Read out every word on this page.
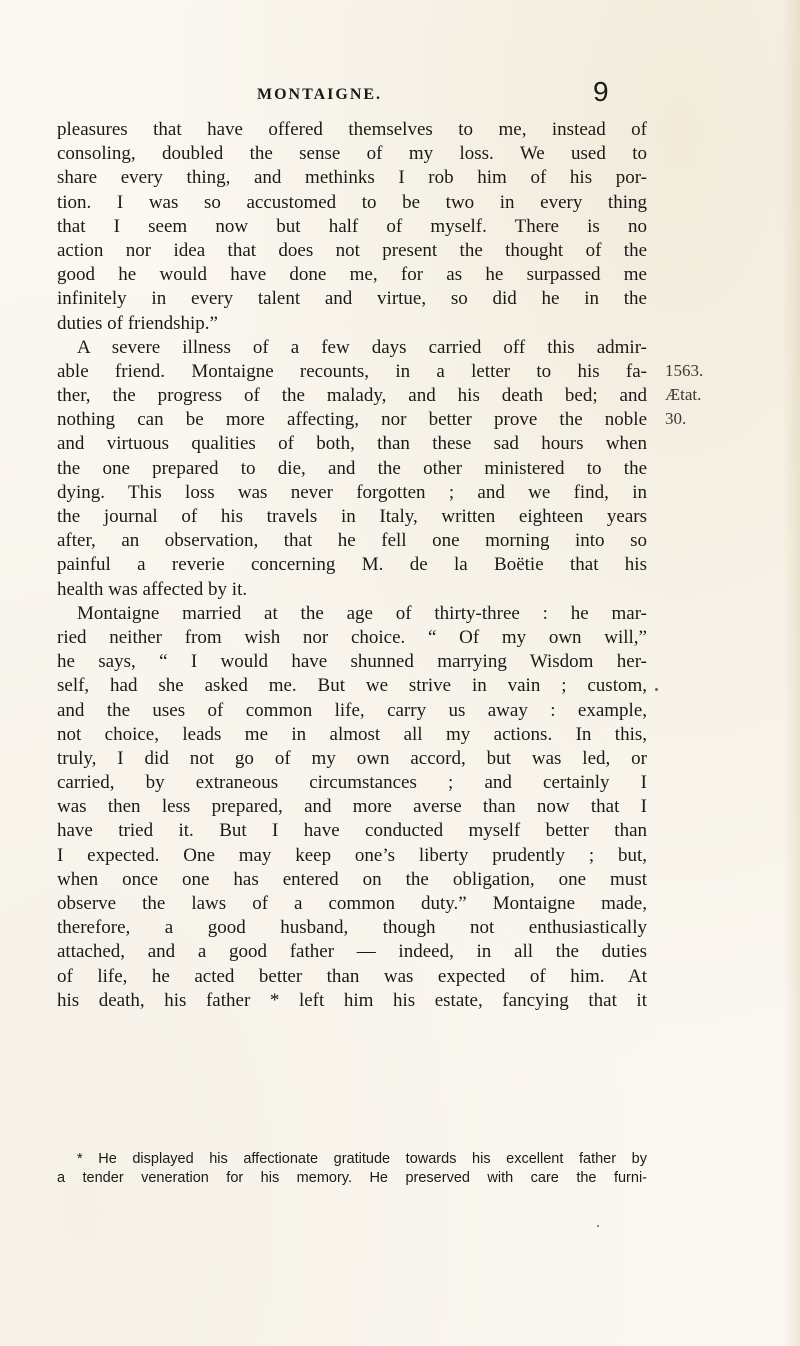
MONTAIGNE.	9
pleasures that have offered themselves to me, instead of
consoling, doubled the sense of my loss. We used to
share every thing, and methinks I rob him of his por-
tion. I was so accustomed to be two in every thing
that I seem now but half of myself. There is no
action nor idea that does not present the thought of the
good he would have done me, for as he surpassed me
infinitely in every talent and virtue, so did he in the
duties of friendship.”
A severe illness of a few days carried off this admir-
able friend. Montaigne recounts, in a letter to his fa-
ther, the progress of the malady, and his death bed; and
nothing can be more affecting, nor better prove the noble
and virtuous qualities of both, than these sad hours when
the one prepared to die, and the other ministered to the
dying. This loss was never forgotten ; and we find, in
the journal of his travels in Italy, written eighteen years
after, an observation, that he fell one morning into so
painful a reverie concerning M. de la Boëtie that his
health was affected by it.
Montaigne married at the age of thirty-three : he mar-
ried neither from wish nor choice. “ Of my own will,”
he says, “ I would have shunned marrying Wisdom her-
self, had she asked me. But we strive in vain ; custom,
and the uses of common life, carry us away : example,
not choice, leads me in almost all my actions. In this,
truly, I did not go of my own accord, but was led, or
carried, by extraneous circumstances ; and certainly I
was then less prepared, and more averse than now that I
have tried it. But I have conducted myself better than
I expected. One may keep one’s liberty prudently ; but,
when once one has entered on the obligation, one must
observe the laws of a common duty.” Montaigne made,
therefore, a good husband, though not enthusiastically
attached, and a good father — indeed, in all the duties
of life, he acted better than was expected of him. At
his death, his father * left him his estate, fancying that it
1563.
Ætat.
30.
* He displayed his affectionate gratitude towards his excellent father by
a tender veneration for his memory. He preserved with care the furni-
